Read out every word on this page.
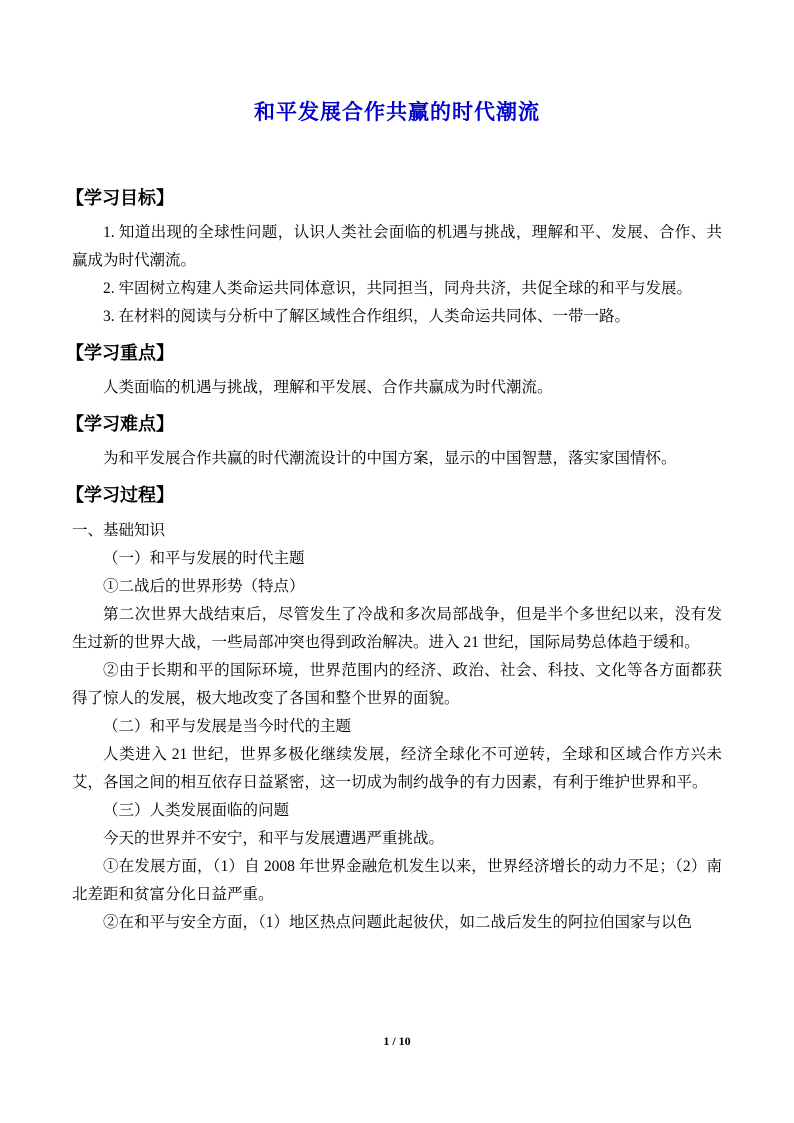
和平发展合作共赢的时代潮流
【学习目标】

1. 知道出现的全球性问题，认识人类社会面临的机遇与挑战，理解和平、发展、合作、共赢成为时代潮流。

2. 牢固树立构建人类命运共同体意识，共同担当，同舟共济，共促全球的和平与发展。

3. 在材料的阅读与分析中了解区域性合作组织，人类命运共同体、一带一路。

【学习重点】

人类面临的机遇与挑战，理解和平发展、合作共赢成为时代潮流。

【学习难点】

为和平发展合作共赢的时代潮流设计的中国方案，显示的中国智慧，落实家国情怀。

【学习过程】

一、基础知识

（一）和平与发展的时代主题

①二战后的世界形势（特点）

第二次世界大战结束后，尽管发生了冷战和多次局部战争，但是半个多世纪以来，没有发生过新的世界大战，一些局部冲突也得到政治解决。进入 21 世纪，国际局势总体趋于缓和。

②由于长期和平的国际环境，世界范围内的经济、政治、社会、科技、文化等各方面都获得了惊人的发展，极大地改变了各国和整个世界的面貌。

（二）和平与发展是当今时代的主题

人类进入 21 世纪，世界多极化继续发展，经济全球化不可逆转，全球和区域合作方兴未艾，各国之间的相互依存日益紧密，这一切成为制约战争的有力因素，有利于维护世界和平。

（三）人类发展面临的问题

今天的世界并不安宁，和平与发展遭遇严重挑战。

①在发展方面，（1）自 2008 年世界金融危机发生以来，世界经济增长的动力不足；（2）南北差距和贫富分化日益严重。

②在和平与安全方面，（1）地区热点问题此起彼伏，如二战后发生的阿拉伯国家与以色

1 / 10
